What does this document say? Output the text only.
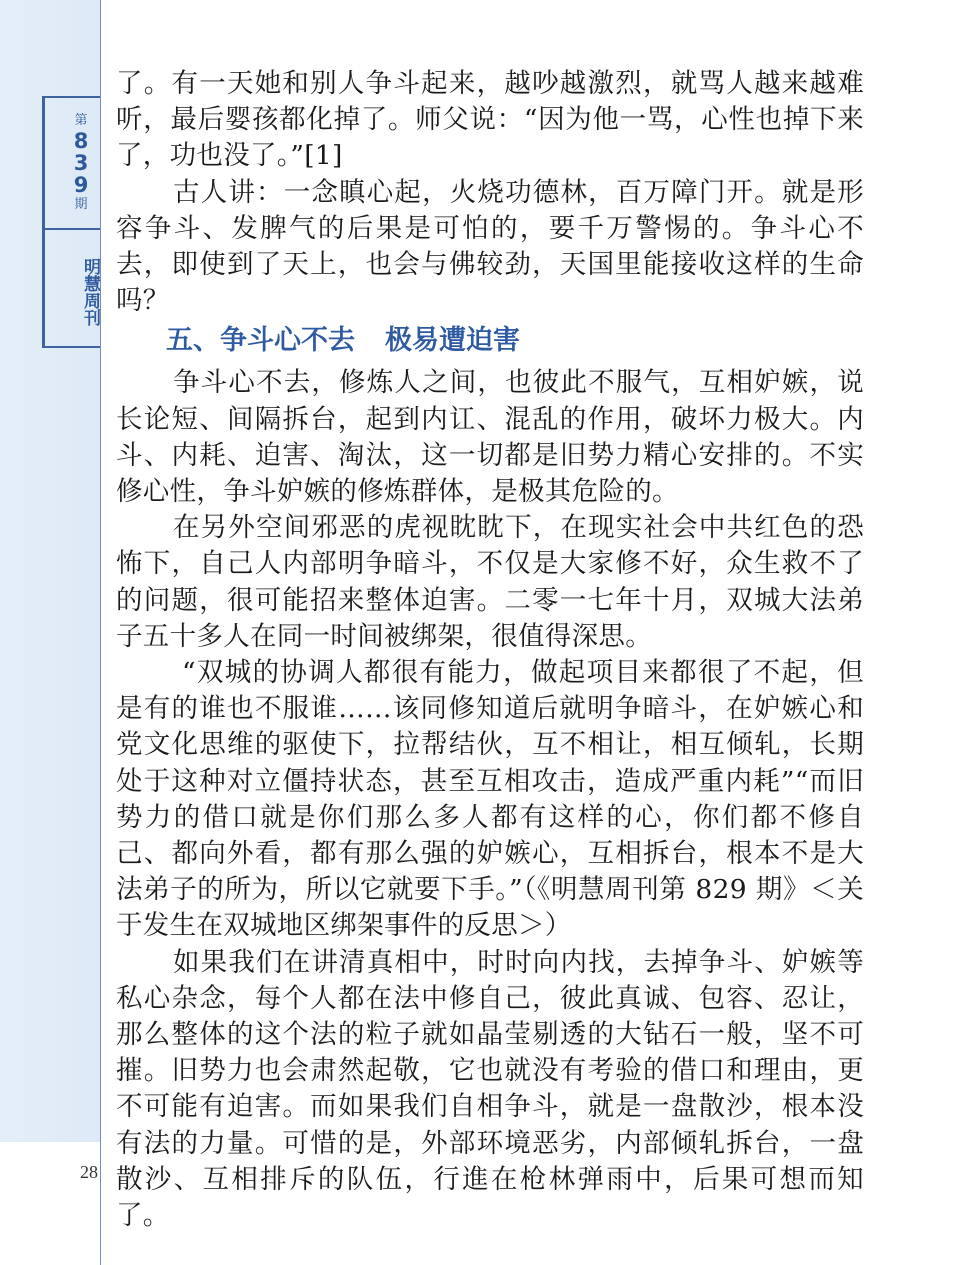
第
839
期
明慧周刊
28

了。有一天她和别人争斗起来，越吵越激烈，就骂人越来越难听，最后婴孩都化掉了。师父说：“因为他一骂，心性也掉下来了，功也没了。”[1]

古人讲：一念瞋心起，火烧功德林，百万障门开。就是形容争斗、发脾气的后果是可怕的，要千万警惕的。争斗心不去，即使到了天上，也会与佛较劲，天国里能接收这样的生命吗？

五、争斗心不去 极易遭迫害

争斗心不去，修炼人之间，也彼此不服气，互相妒嫉，说长论短、间隔拆台，起到内讧、混乱的作用，破坏力极大。内斗、内耗、迫害、淘汰，这一切都是旧势力精心安排的。不实修心性，争斗妒嫉的修炼群体，是极其危险的。

在另外空间邪恶的虎视眈眈下，在现实社会中共红色的恐怖下，自己人内部明争暗斗，不仅是大家修不好，众生救不了的问题，很可能招来整体迫害。二零一七年十月，双城大法弟子五十多人在同一时间被绑架，很值得深思。

“双城的协调人都很有能力，做起项目来都很了不起，但是有的谁也不服谁……该同修知道后就明争暗斗，在妒嫉心和党文化思维的驱使下，拉帮结伙，互不相让，相互倾轧，长期处于这种对立僵持状态，甚至互相攻击，造成严重内耗”“而旧势力的借口就是你们那么多人都有这样的心，你们都不修自己、都向外看，都有那么强的妒嫉心，互相拆台，根本不是大法弟子的所为，所以它就要下手。”（《明慧周刊第 829 期》＜关于发生在双城地区绑架事件的反思＞）

如果我们在讲清真相中，时时向内找，去掉争斗、妒嫉等私心杂念，每个人都在法中修自己，彼此真诚、包容、忍让，那么整体的这个法的粒子就如晶莹剔透的大钻石一般，坚不可摧。旧势力也会肃然起敬，它也就没有考验的借口和理由，更不可能有迫害。而如果我们自相争斗，就是一盘散沙，根本没有法的力量。可惜的是，外部环境恶劣，内部倾轧拆台，一盘散沙、互相排斥的队伍，行進在枪林弹雨中，后果可想而知了。
